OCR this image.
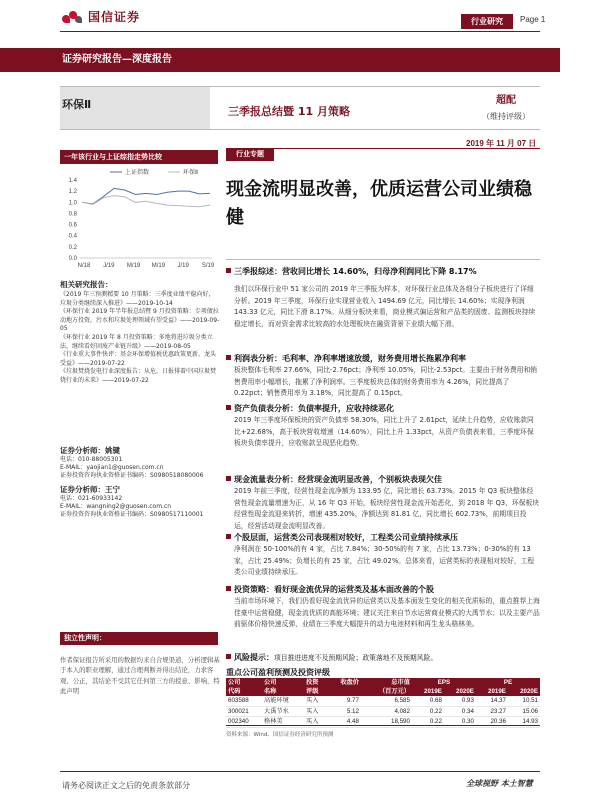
国信证券	行业研究	Page 1
证券研究报告—深度报告
环保Ⅱ
三季报总结暨 11 月策略
超配
（维持评级）
2019 年 11 月 07 日
一年该行业与上证综指走势比较
0.0
0.2
0.4
0.6
0.8
1.0
1.2
1.4
N/18 J/19 M/19 M/19 J/19 S/19
上证指数	环保Ⅱ
相关研究报告：

《2019 年三预测精要 10 月策略：三季度业绩平稳向好，垃圾分类继续深入推进》——2019-10-14

《环保行业 2019 年半年报总结暨 9 月投资策略：专项债拉动地方投资，污水和垃圾处理领域有望受益》——2019-09-05

《环保行业 2019 年 8 月投资策略：多地将进垃圾分类立法，继续看好固废产业链升级》——2019-08-05

《行业重大事件快评：基金环保增值税优惠政策更新，龙头受益》——2019-07-22

《垃圾焚烧发电行业深度报告：从危，日报排着中国垃圾焚烧行业的未来》——2019-07-22

证券分析师：姚键
电话：010-88005301
E-MAIL：yaojian1@guosen.com.cn
证券投资咨询执业资格证书编码：S0980518080006
证券分析师：王宁
电话：021-60933142
E-MAIL：wangning2@guosen.com.cn
证券投资咨询执业资格证书编码：S0980517110001
独立性声明：
作者保证报告所采用的数据均来自合规渠道，分析逻辑基于本人的职业理解，通过合理判断并得出结论，力求客观、公正，其结论不受其它任何第三方的授意、影响，特此声明
行业专题
现金流明显改善，优质运营公司业绩稳健
三季报综述：营收同比增长 14.60%，归母净利润同比下降 8.17%
我们以环保行业中 51 家公司的 2019 年三季报为样本，对环保行业总体及各细分子板块进行了详细分析。2019 年三季度，环保行业实现营业收入 1494.69 亿元，同比增长 14.60%；实现净利润 143.33 亿元，同比下滑 8.17%。从细分板块来看，商业模式偏运营和产品类的固废、监测板块持续稳定增长，而对资金需求比较高的水处理板块在融资背景下业绩大幅下滑。
利润表分析：毛利率、净利率增速放缓，财务费用增长拖累净利率
板块整体毛利率 27.66%，同比-2.76pct；净利率 10.05%，同比-2.53pct。主要由于财务费用和销售费用率小幅增长，拖累了净利润率。三季度板块总体的财务费用率为 4.26%，同比提高了 0.22pct；销售费用率为 3.18%，同比提高了 0.15pct。
资产负债表分析：负债率提升，应收持续恶化
2019 年三季度环保板块的资产负债率 58.30%，同比上升了 2.61pct，延续上升趋势，应收账款同比+22.68%，高于板块营收增速（14.60%），同比上升 1.33pct，从资产负债表来看，三季度环保板块负债率提升，应收账款呈现恶化趋势。
现金流量表分析：经营现金流明显改善，个别板块表现欠佳
2019 年前三季度，经营性现金流净额为 133.95 亿，同比增长 63.73%。2015 年 Q3 板块整体经营性现金流量增速为正，从 16 年 Q3 开始，板块经营性现金流开始恶化，到 2018 年 Q3，环保板块经营性现金流迎来转折，增速 435.20%，净额达到 81.81 亿，同比增长 602.73%，前期项目投运，经营活动现金流明显改善。
个股层面，运营类公司表现相对较好，工程类公司业绩持续承压
净利润在 50-100%的有 4 家，占比 7.84%；30-50%的有 7 家，占比 13.73%；0-30%的有 13 家，占比 25.49%；负增长的有 25 家，占比 49.02%。总体来看，运营类标的表现相对较好，工程类公司业绩持续承压。
投资策略：看好现金流优异的运营类及基本面改善的个股
当前市场环境下，我们仍看好现金流优异的运营类以及基本面发生变化的相关优质标的，重点推荐上海佳豪中运营稳健，现金流优质的高能环境；建议关注来自节水运营商业模式的大禹节水；以及主要产品前驱体价格快速反弹，业绩在三季度大幅提升的动力电池材料和再生龙头格林美。
风险提示：项目推进进度不及预期风险；政策落地不及预期风险。
重点公司盈利预测及投资评级
公司	公司	投资	收盘价	总市值	EPS		PE	
代码	名称	评级		（百万元）	2019E	2020E	2019E	2020E
603588	高能环境	买入	9.77	6,585	0.68	0.93	14.37	10.51
300021	大禹节水	买入	5.12	4,082	0.22	0.34	23.27	15.06
002340	格林美	买入	4.48	18,590	0.22	0.30	20.36	14.93
资料来源：Wind、国信证券经济研究所预测
请务必阅读正文之后的免责条款部分	全球视野 本土智慧
